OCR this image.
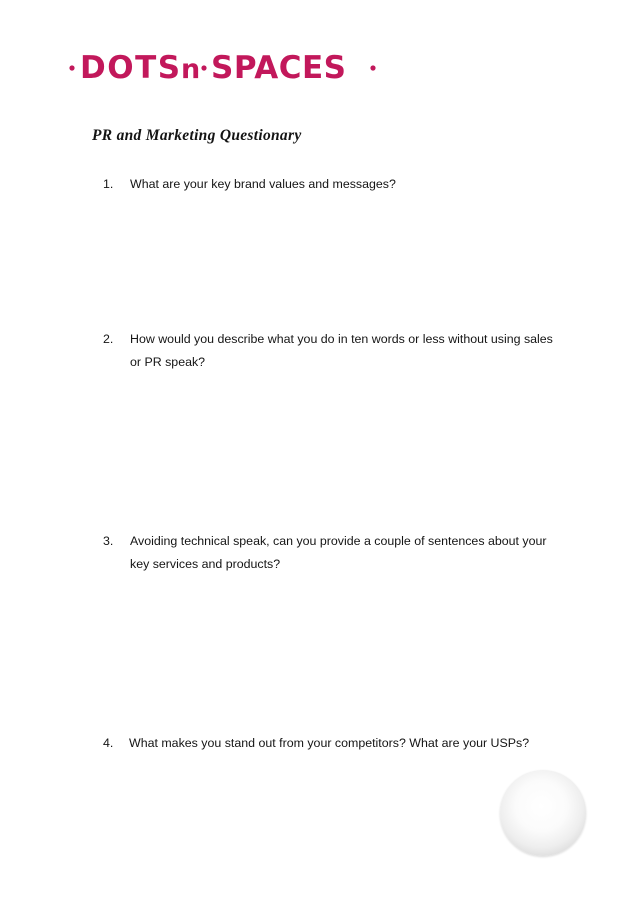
DOTS n SPACES
PR and Marketing Questionary
1. What are your key brand values and messages?
2. How would you describe what you do in ten words or less without using sales or PR speak?
3. Avoiding technical speak, can you provide a couple of sentences about your key services and products?
4. What makes you stand out from your competitors? What are your USPs?
